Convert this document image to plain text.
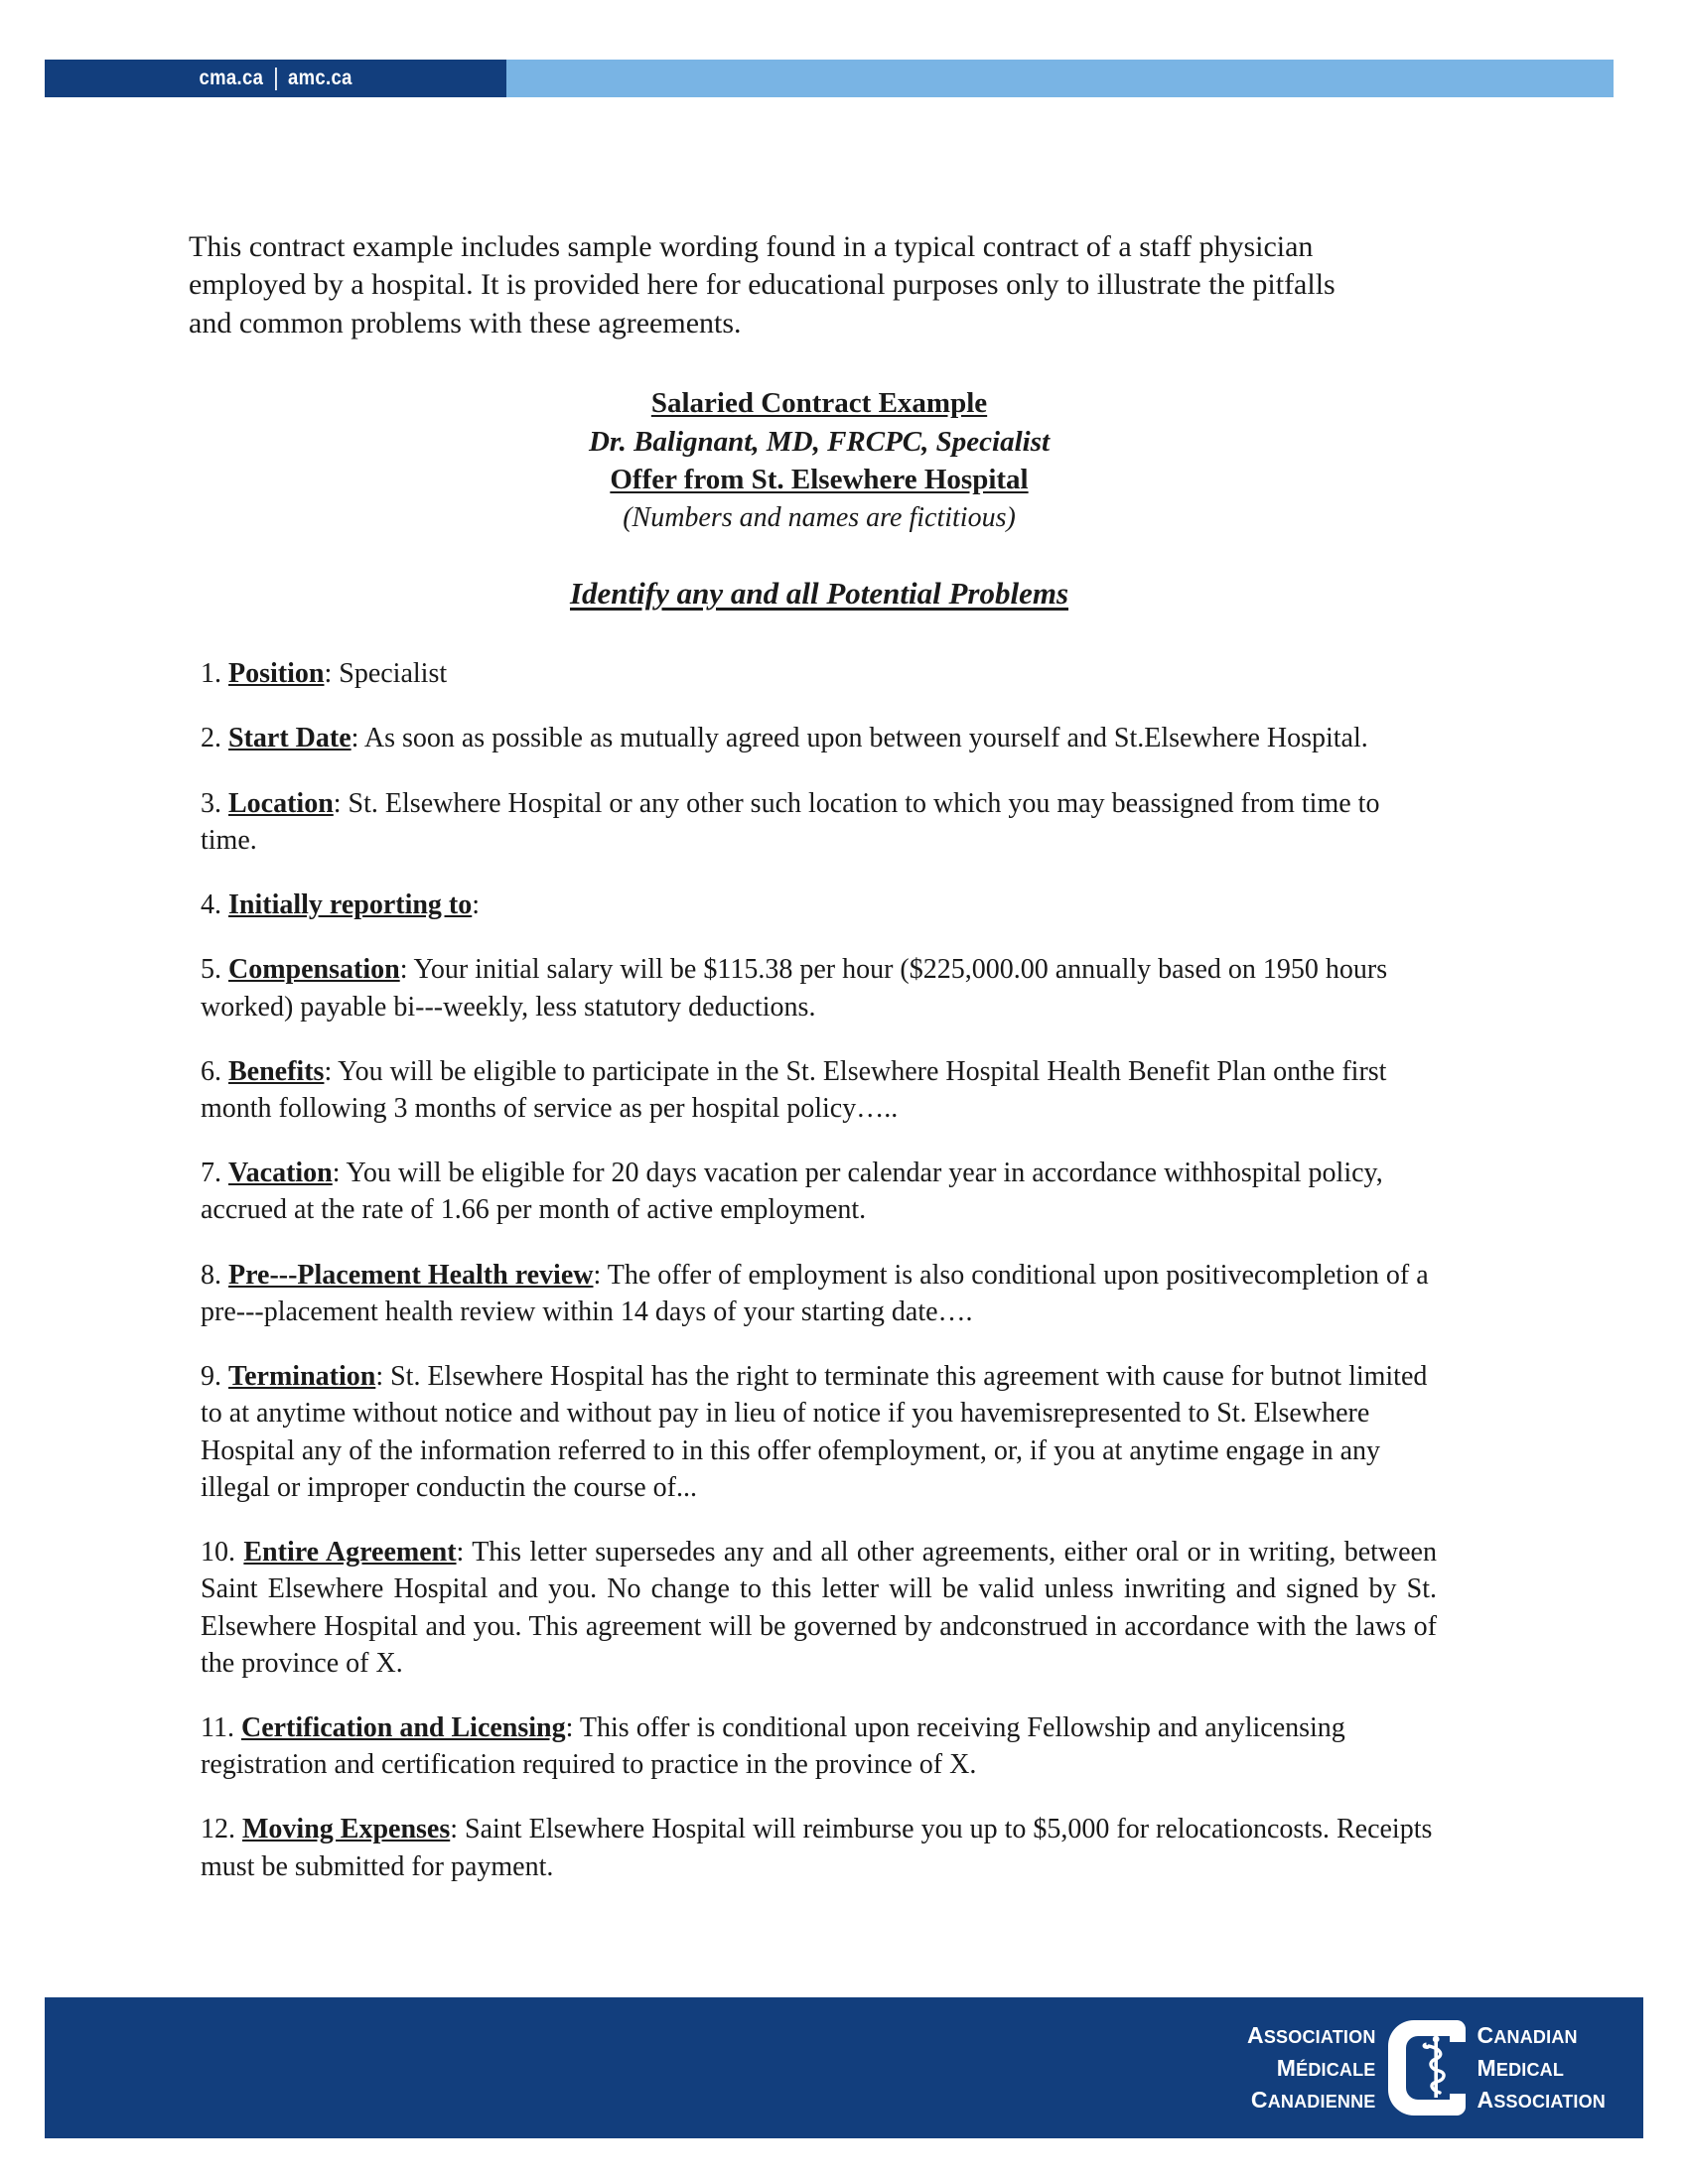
cma.ca amc.ca

This contract example includes sample wording found in a typical contract of a staff physician employed by a hospital. It is provided here for educational purposes only to illustrate the pitfalls and common problems with these agreements.

Salaried Contract Example
Dr. Balignant, MD, FRCPC, Specialist
Offer from St. Elsewhere Hospital
(Numbers and names are fictitious)
Identify any and all Potential Problems

1. Position: Specialist

2. Start Date: As soon as possible as mutually agreed upon between yourself and St.Elsewhere Hospital.

3. Location: St. Elsewhere Hospital or any other such location to which you may beassigned from time to time.

4. Initially reporting to:

5. Compensation: Your initial salary will be $115.38 per hour ($225,000.00 annually based on 1950 hours worked) payable bi---weekly, less statutory deductions.

6. Benefits: You will be eligible to participate in the St. Elsewhere Hospital Health Benefit Plan onthe first month following 3 months of service as per hospital policy…..

7. Vacation: You will be eligible for 20 days vacation per calendar year in accordance withhospital policy, accrued at the rate of 1.66 per month of active employment.

8. Pre---Placement Health review: The offer of employment is also conditional upon positivecompletion of a pre---placement health review within 14 days of your starting date….

9. Termination: St. Elsewhere Hospital has the right to terminate this agreement with cause for butnot limited to at anytime without notice and without pay in lieu of notice if you havemisrepresented to St. Elsewhere Hospital any of the information referred to in this offer ofemployment, or, if you at anytime engage in any illegal or improper conductin the course of...

10. Entire Agreement: This letter supersedes any and all other agreements, either oral or in writing, between Saint Elsewhere Hospital and you. No change to this letter will be valid unless inwriting and signed by St. Elsewhere Hospital and you. This agreement will be governed by andconstrued in accordance with the laws of the province of X.

11. Certification and Licensing: This offer is conditional upon receiving Fellowship and anylicensing registration and certification required to practice in the province of X.

12. Moving Expenses: Saint Elsewhere Hospital will reimburse you up to $5,000 for relocationcosts. Receipts must be submitted for payment.

ASSOCIATION
MÉDICALE
CANADIENNE
CANADIAN
MEDICAL
ASSOCIATION
